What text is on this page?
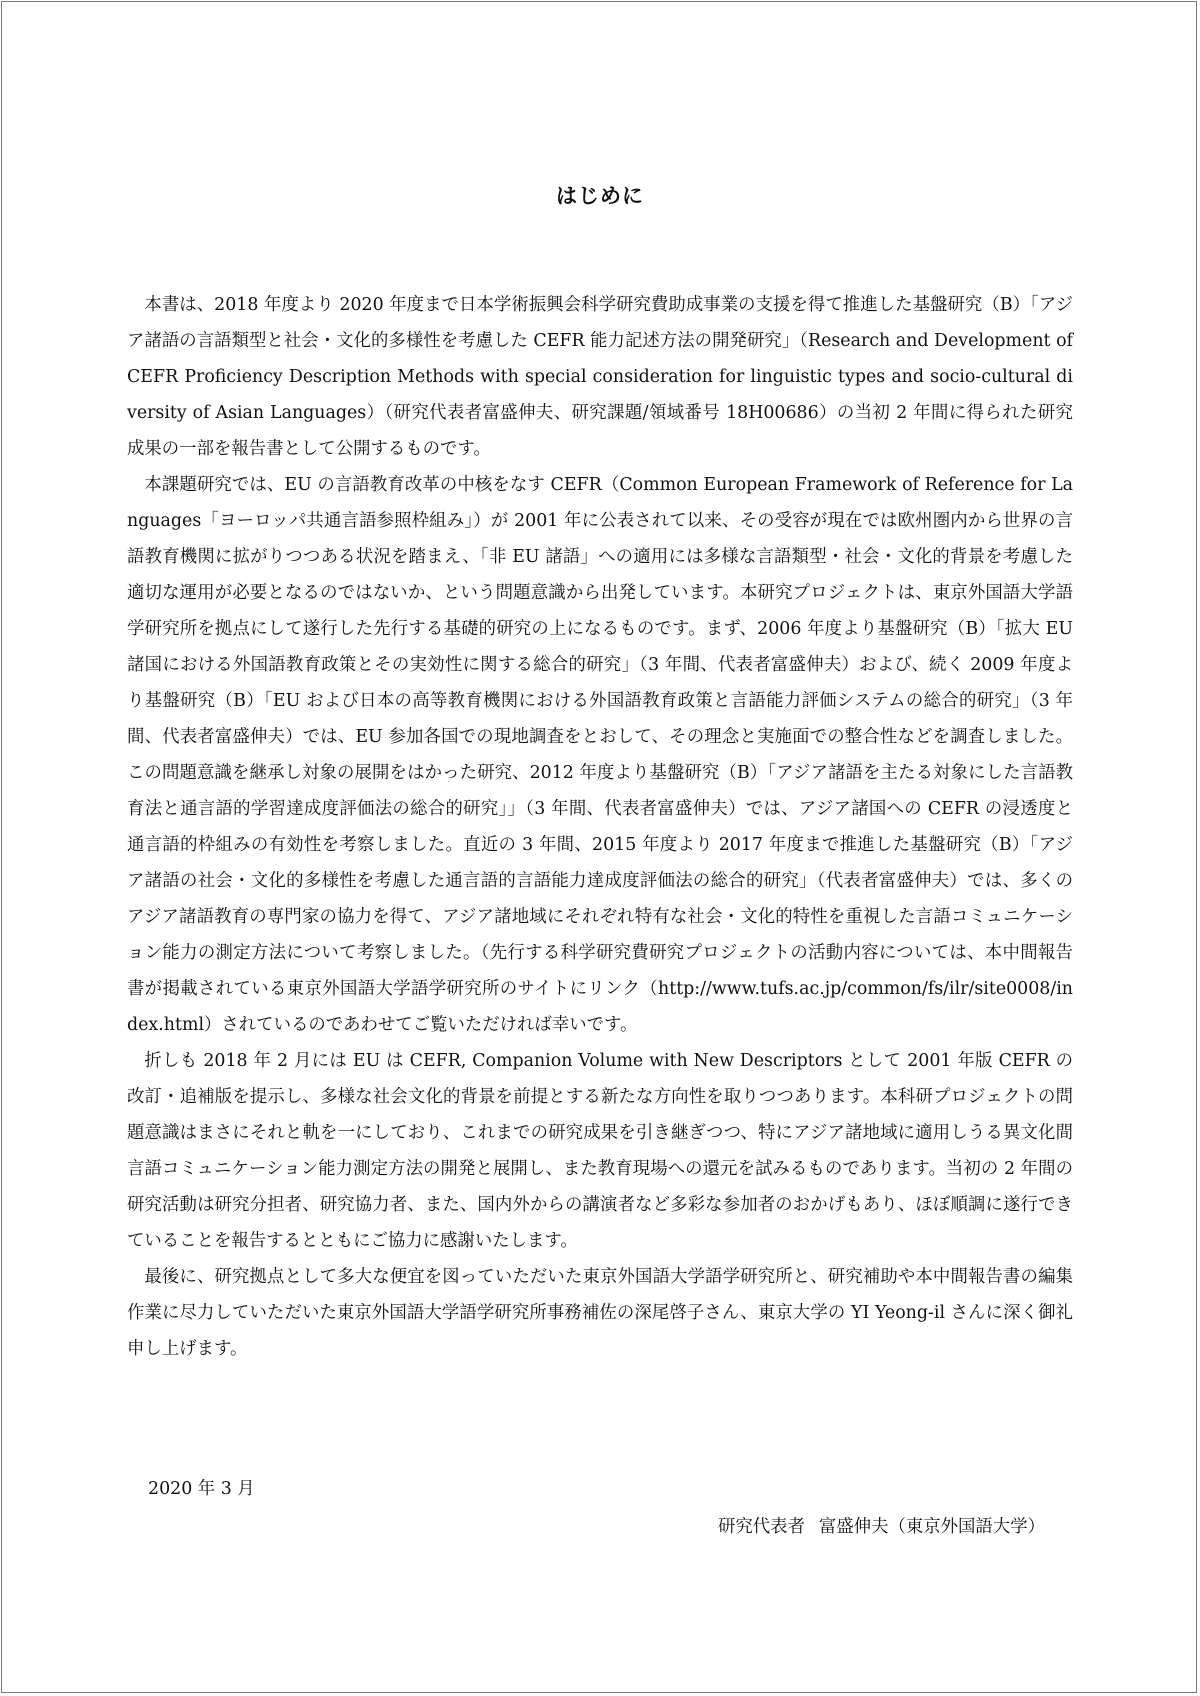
はじめに

本書は、2018 年度より 2020 年度まで日本学術振興会科学研究費助成事業の支援を得て推進した基盤研究（B）「アジア諸語の言語類型と社会・文化的多様性を考慮した CEFR 能力記述方法の開発研究」（Research and Development of CEFR Proficiency Description Methods with special consideration for linguistic types and socio-cultural diversity of Asian Languages）（研究代表者富盛伸夫、研究課題/領域番号 18H00686）の当初 2 年間に得られた研究成果の一部を報告書として公開するものです。

本課題研究では、EU の言語教育改革の中核をなす CEFR（Common European Framework of Reference for Languages「ヨーロッパ共通言語参照枠組み」）が 2001 年に公表されて以来、その受容が現在では欧州圏内から世界の言語教育機関に拡がりつつある状況を踏まえ、「非 EU 諸語」への適用には多様な言語類型・社会・文化的背景を考慮した適切な運用が必要となるのではないか、という問題意識から出発しています。本研究プロジェクトは、東京外国語大学語学研究所を拠点にして遂行した先行する基礎的研究の上になるものです。まず、2006 年度より基盤研究（B）「拡大 EU 諸国における外国語教育政策とその実効性に関する総合的研究」（3 年間、代表者富盛伸夫）および、続く 2009 年度より基盤研究（B）「EU および日本の高等教育機関における外国語教育政策と言語能力評価システムの総合的研究」（3 年間、代表者富盛伸夫）では、EU 参加各国での現地調査をとおして、その理念と実施面での整合性などを調査しました。この問題意識を継承し対象の展開をはかった研究、2012 年度より基盤研究（B）「アジア諸語を主たる対象にした言語教育法と通言語的学習達成度評価法の総合的研究」」（3 年間、代表者富盛伸夫）では、アジア諸国への CEFR の浸透度と通言語的枠組みの有効性を考察しました。直近の 3 年間、2015 年度より 2017 年度まで推進した基盤研究（B）「アジア諸語の社会・文化的多様性を考慮した通言語的言語能力達成度評価法の総合的研究」（代表者富盛伸夫）では、多くのアジア諸語教育の専門家の協力を得て、アジア諸地域にそれぞれ特有な社会・文化的特性を重視した言語コミュニケーション能力の測定方法について考察しました。（先行する科学研究費研究プロジェクトの活動内容については、本中間報告書が掲載されている東京外国語大学語学研究所のサイトにリンク（http://www.tufs.ac.jp/common/fs/ilr/site0008/index.html）されているのであわせてご覧いただければ幸いです。

折しも 2018 年 2 月には EU は CEFR, Companion Volume with New Descriptors として 2001 年版 CEFR の改訂・追補版を提示し、多様な社会文化的背景を前提とする新たな方向性を取りつつあります。本科研プロジェクトの問題意識はまさにそれと軌を一にしており、これまでの研究成果を引き継ぎつつ、特にアジア諸地域に適用しうる異文化間言語コミュニケーション能力測定方法の開発と展開し、また教育現場への還元を試みるものであります。当初の 2 年間の研究活動は研究分担者、研究協力者、また、国内外からの講演者など多彩な参加者のおかげもあり、ほぼ順調に遂行できていることを報告するとともにご協力に感謝いたします。

最後に、研究拠点として多大な便宜を図っていただいた東京外国語大学語学研究所と、研究補助や本中間報告書の編集作業に尽力していただいた東京外国語大学語学研究所事務補佐の深尾啓子さん、東京大学の YI Yeong-il さんに深く御礼申し上げます。

2020 年 3 月

研究代表者 富盛伸夫（東京外国語大学）
